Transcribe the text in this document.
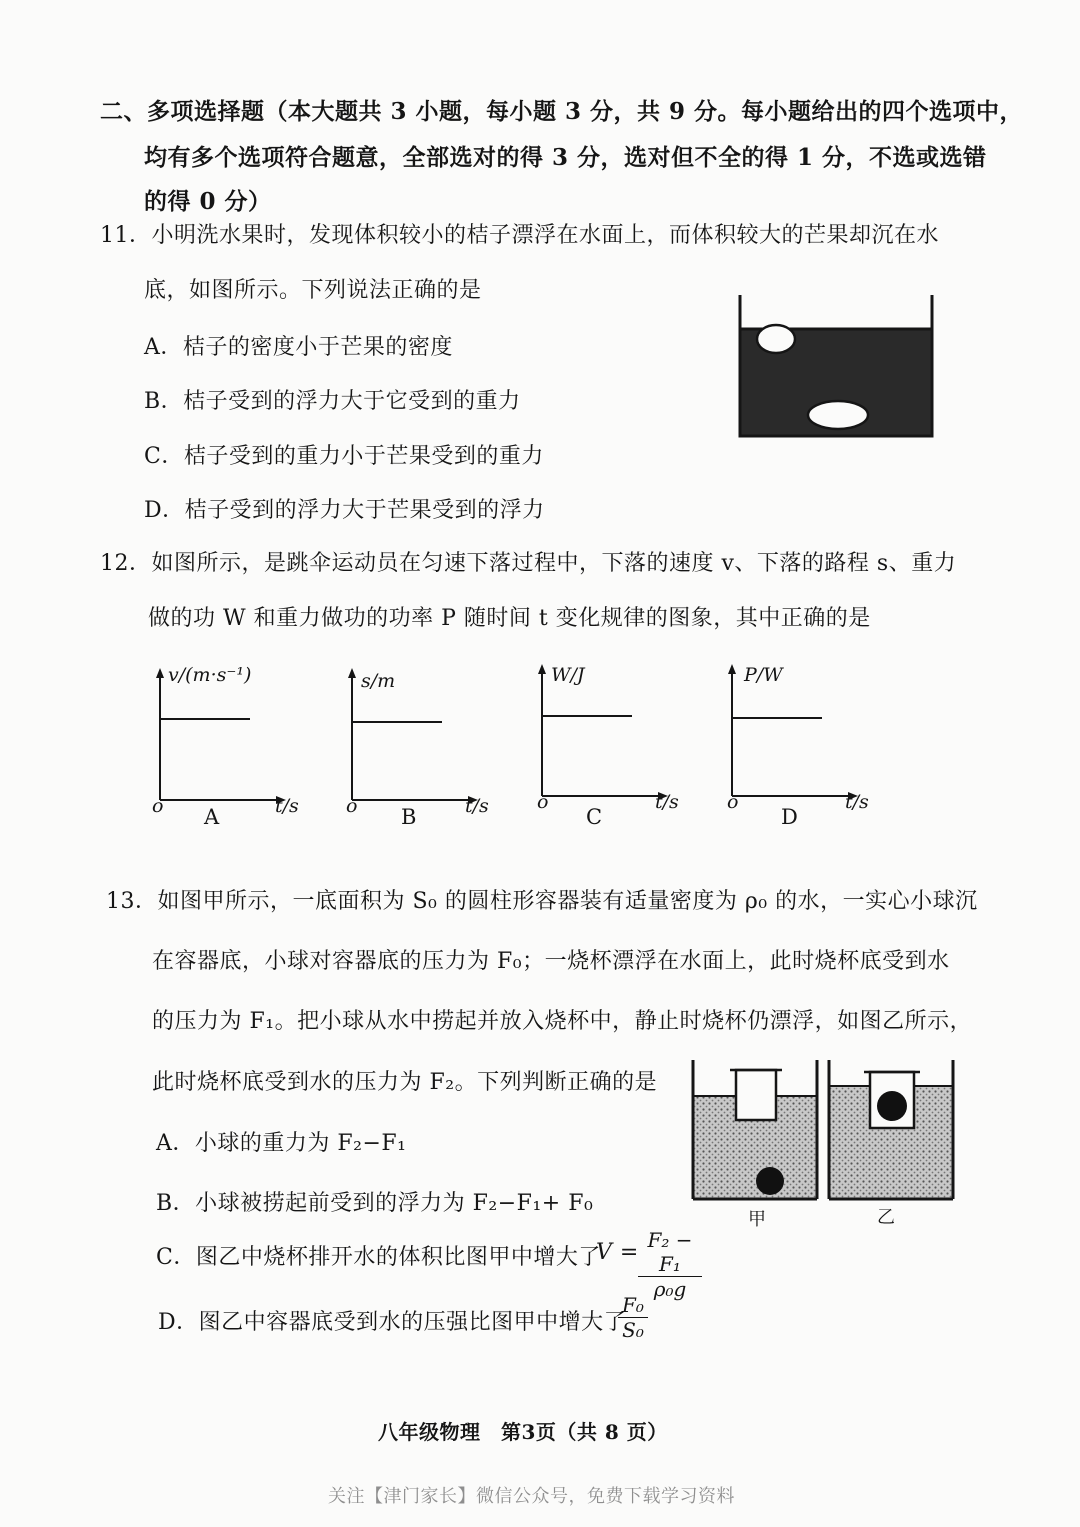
二、多项选择题（本大题共 3 小题，每小题 3 分，共 9 分。每小题给出的四个选项中，
均有多个选项符合题意，全部选对的得 3 分，选对但不全的得 1 分，不选或选错
的得 0 分）
11．小明洗水果时，发现体积较小的桔子漂浮在水面上，而体积较大的芒果却沉在水
底，如图所示。下列说法正确的是
A．桔子的密度小于芒果的密度
B．桔子受到的浮力大于它受到的重力
C．桔子受到的重力小于芒果受到的重力
D．桔子受到的浮力大于芒果受到的浮力
12．如图所示，是跳伞运动员在匀速下落过程中，下落的速度 v、下落的路程 s、重力
做的功 W 和重力做功的功率 P 随时间 t 变化规律的图象，其中正确的是
v/(m·s⁻¹)
o	t/s
A
s/m
o	t/s
B
W/J
o	t/s
C
P/W
o	t/s
D
13．如图甲所示，一底面积为 S₀ 的圆柱形容器装有适量密度为 ρ₀ 的水，一实心小球沉
在容器底，小球对容器底的压力为 F₀；一烧杯漂浮在水面上，此时烧杯底受到水
的压力为 F₁。把小球从水中捞起并放入烧杯中，静止时烧杯仍漂浮，如图乙所示，
此时烧杯底受到水的压力为 F₂。下列判断正确的是
A．小球的重力为 F₂−F₁
B．小球被捞起前受到的浮力为 F₂−F₁+ F₀
C．图乙中烧杯排开水的体积比图甲中增大了
$V = \frac{\text{F₂ − F₁}}{\text{ρ₀g}}$
D．图乙中容器底受到水的压强比图甲中增大了
$\frac{\text{F₀}}{\text{S₀}}$
甲	乙
八年级物理　第3页（共 8 页）
关注【津门家长】微信公众号，免费下载学习资料
